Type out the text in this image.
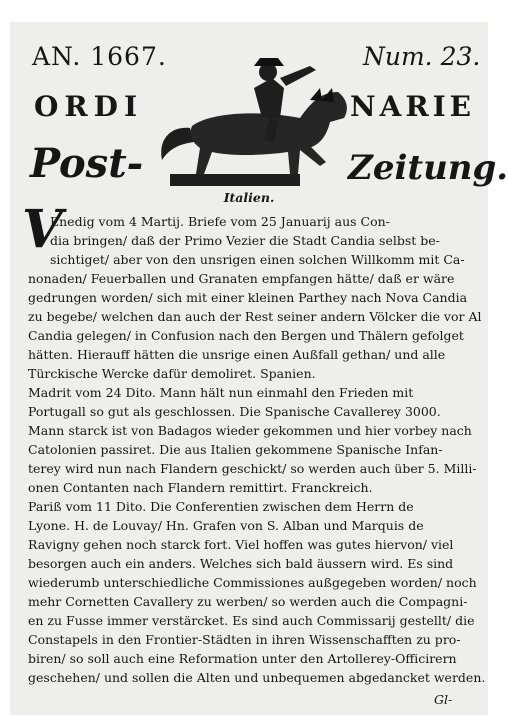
AN. 1667.	Num. 23.
ORDI	NARIE
Post-	Zeitung.
Italien.
V
Enedig vom 4 Martij. Briefe vom 25 Januarij aus Con-
dia bringen/ daß der Primo Vezier die Stadt Candia selbst be-
sichtiget/ aber von den unsrigen einen solchen Willkomm mit Ca-
nonaden/ Feuerballen und Granaten empfangen hätte/ daß er wäre
gedrungen worden/ sich mit einer kleinen Parthey nach Nova Candia
zu begebe/ welchen dan auch der Rest seiner andern Völcker die vor Al
Candia gelegen/ in Confusion nach den Bergen und Thälern gefolget
hätten. Hierauff hätten die unsrige einen Außfall gethan/ und alle
Türckische Wercke dafür demoliret. Spanien.
Madrit vom 24 Dito. Mann hält nun einmahl den Frieden mit
Portugall so gut als geschlossen. Die Spanische Cavallerey 3000.
Mann starck ist von Badagos wieder gekommen und hier vorbey nach
Catolonien passiret. Die aus Italien gekommene Spanische Infan-
terey wird nun nach Flandern geschickt/ so werden auch über 5. Milli-
onen Contanten nach Flandern remittirt. Franckreich.
Pariß vom 11 Dito. Die Conferentien zwischen dem Herrn de
Lyone. H. de Louvay/ Hn. Grafen von S. Alban und Marquis de
Ravigny gehen noch starck fort. Viel hoffen was gutes hiervon/ viel
besorgen auch ein anders. Welches sich bald äussern wird. Es sind
wiederumb unterschiedliche Commissiones außgegeben worden/ noch
mehr Cornetten Cavallery zu werben/ so werden auch die Compagni-
en zu Fusse immer verstärcket. Es sind auch Commissarij gestellt/ die
Constapels in den Frontier-Städten in ihren Wissenschafften zu pro-
biren/ so soll auch eine Reformation unter den Artollerey-Officirern
geschehen/ und sollen die Alten und unbequemen abgedancket werden.
Gl-
